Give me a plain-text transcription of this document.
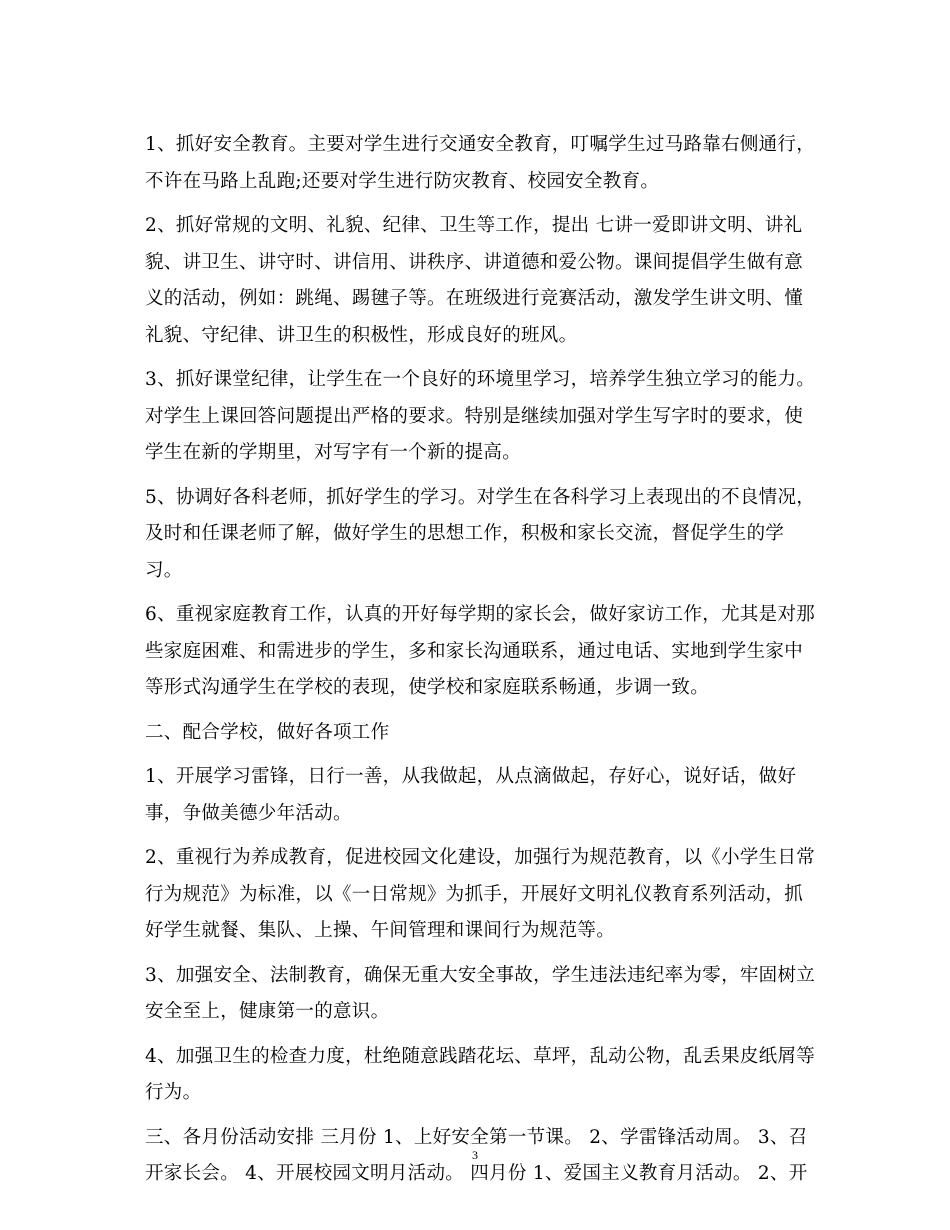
1、抓好安全教育。主要对学生进行交通安全教育，叮嘱学生过马路靠右侧通行，
不许在马路上乱跑;还要对学生进行防灾教育、校园安全教育。

2、抓好常规的文明、礼貌、纪律、卫生等工作，提出 七讲一爱即讲文明、讲礼
貌、讲卫生、讲守时、讲信用、讲秩序、讲道德和爱公物。课间提倡学生做有意
义的活动，例如：跳绳、踢毽子等。在班级进行竞赛活动，激发学生讲文明、懂
礼貌、守纪律、讲卫生的积极性，形成良好的班风。

3、抓好课堂纪律，让学生在一个良好的环境里学习，培养学生独立学习的能力。
对学生上课回答问题提出严格的要求。特别是继续加强对学生写字时的要求，使
学生在新的学期里，对写字有一个新的提高。

5、协调好各科老师，抓好学生的学习。对学生在各科学习上表现出的不良情况，
及时和任课老师了解，做好学生的思想工作，积极和家长交流，督促学生的学
习。

6、重视家庭教育工作，认真的开好每学期的家长会，做好家访工作，尤其是对那
些家庭困难、和需进步的学生，多和家长沟通联系，通过电话、实地到学生家中
等形式沟通学生在学校的表现，使学校和家庭联系畅通，步调一致。

二、配合学校，做好各项工作

1、开展学习雷锋，日行一善，从我做起，从点滴做起，存好心，说好话，做好
事，争做美德少年活动。

2、重视行为养成教育，促进校园文化建设，加强行为规范教育，以《小学生日常
行为规范》为标准，以《一日常规》为抓手，开展好文明礼仪教育系列活动，抓
好学生就餐、集队、上操、午间管理和课间行为规范等。

3、加强安全、法制教育，确保无重大安全事故，学生违法违纪率为零，牢固树立
安全至上，健康第一的意识。

4、加强卫生的检查力度，杜绝随意践踏花坛、草坪，乱动公物，乱丢果皮纸屑等
行为。

三、各月份活动安排 三月份 1、上好安全第一节课。 2、学雷锋活动周。 3、召
开家长会。 4、开展校园文明月活动。 四月份 1、爱国主义教育月活动。 2、开

3
